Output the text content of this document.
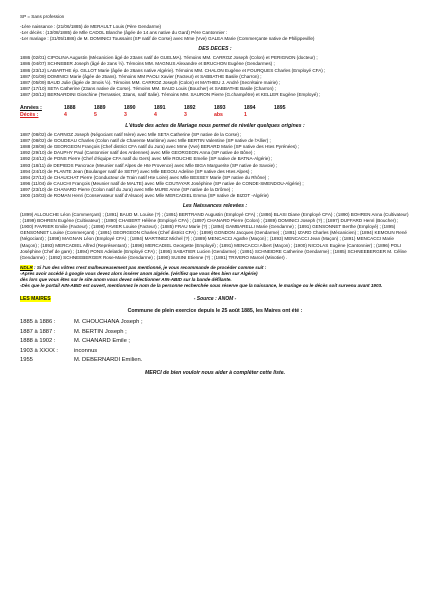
SP = Sans profession
-1ère naissance : (21/06/1885) de MERAULT Louis (Père Gendarme)
-1er décès : (13/08/1885) de Mlle CADOL Blanche (âgée de 14 ans native du Gard) Père Cantonnier :
-1er mariage : (31/05/1886) de M. DOMINICI Toussaint (SP natif de Corse) avec Mme (Vve) GALEA Marie (Commerçante native de Philippeville)
DES DECES :
1886 (02/01) CIPOLINA Augustin (Mécanicien âgé de 23ans natif de GUELMA). Témoins MM. CARROZ Joseph (Colon) et PERIGNON (docteur) ;
1886 (04/07) SCHNEBER Joseph (âgé de 2ans ½). Témoins MM. MAGNUS Alexandre et BRUCHON Eugène (Gendarmes) ;
1886 (23/12) LABARTHE ép. GILLOT Marie (âgée de 26ans native Algérie). Témoins MM. CHALON Eugène et FOURQUES Charles (Employé CFA) ;
1887 (01/09) DOMINICI Marie (âgée de 25ans). Témoins MM PAOLI Xavier (Facteur) et SABBATHE Basile (Charron) ;
1887 (05/09) BAUD Julie (âgée de 3mois ½). Témoins MM. CARROZ Joseph (Colon) et MATHIEU J. André (Secrétaire mairie) ;
1887 (17/10) SETA Catherine (23ans native de Corse). Témoins MM. BAUD Louis (Boucher) et SABBATHE Basile (Charron) ;
1887 (30/12) BERNARDINI Gioschine (Terrassier, 33ans, natif Italie). Témoins MM. SAURON Pierre (G.champêtre) et KELLER Eugène (Employé) ;
Années :	1888	1889	1890	1891	1892	1893	1894	1895
Décès :	4	5	3	4	3	abs	1
L'étude des actes de Mariage nous permet de révéler quelques origines :
1887 (08/02) de CARNOZ Joseph (Négociant natif Isère) avec Mlle SETA Catherine (SP native de la Corse) ;
1887 (08/02) de GOUDEAU Charles (Colon natif de Charente Maritime) avec Mlle BERTIN Valentine (SP native de l'Allier) ;
1888 (28/08) de GEORGEON François (Chef district CFA natif du Jura) avec Mme (Vve) BERARD Marie (SP native des Htes Pyrénées) ;
1892 (29/10) de DAUPHY Paul (Cantonnier natif des Ardennes) avec Mlle GEORGEON Anna (SP native de Bône) ;
1892 (24/12) de PONS Pierre (Chef d'équipe CFA natif du Gers) avec Mlle ROUCHE Emelie (SP native de BATNA-Algérie) ;
1893 (18/11) de DEPIEDS Pancrace (Meunier natif Alpes de Hte Provence) avec Mlle BIGA Marguerite (SP native de Savoie) ;
1894 (24/10) de PLANTE Jean (Boulanger natif de SETIF) avec Mlle BEGOU Adeline (SP native des Htes Alpes) ;
1894 (27/12) de CHAUCHAT Pierre (Conducteur de Train natif Hte Loire) avec Mlle BESSEY Marie (SP native du Rhône) ;
1896 (11/04) de CAUCHI François (Meunier natif de MALTE) avec Mlle COUTAYAR Joséphine (SP native de CONDE-SMENDOU-Algérie) ;
1897 (23/10) de CHANARD Pierre (Colon natif du Jura) avec Mlle MURE Anne (SP native de la Drôme) ;
1900 (10/03) de ROMAN Henri (Conservateur natif d'Alsace) avec Mlle MERCADIEL Emma (SP native de BIZOT -Algérie)
Les Naissances relevées :
(1899) ALLOUCHE Léon (Commerçant) ; (1891) BAUD M. Louise (?) ; (1891) BERTRAND Augustin (Employé CFA) ; (1886) BLASI Diane (Employé CFA) ; (1890) BOHREN Anna (Cultivateur) ; (1899) BOHREN Eugène (Cultivateur) ; (1890) CHABERT Hélène (Employé CFA) ; (1897) CHANARD Pierre (Colon) ; (1889) DOMINICI Joseph (?) ; (1897) DUFFARD Henri (Boucher) ; (1900) FAVRIER Emilie (Facteur) ; (1898) FAVIER Louise (Facteur) ; (1885) FRAU Marie (?) ; (1894) GAMBARELLI Marie (Gendarme) ; (1891) GENSONNET Berthe (Employé) ; (1895) GENSONNET Louise (Commerçant) ; (1891) GEORGEON Charles (Chef district CFA) ; (1899) GONDON Jacques (Gendarme) ; (1891) IZARD Charles (Mécanicien) ; (1894) KEMOUN René (Négociant) ; (1898) MAGNAN Léon (Employé CFA) ; (1894) MARTINEZ Michel (?) ; (1889) MENCACCI Agathe (Maçon) ; (1893) MENCACCI Jean (Maçon) ; (1891) MENCACCI Marie (Maçon) ; (1893) MERCADIEL Alfred (Représentant) ; (1896) MERCADIEL Georgette (Employé) ; (1891) MENCACCI Albert (Maçon) ; (1900) NICOLAS Eugène (Cantonnier) ; (1896) POLI Joséphine (Chef de gare) ; (1894) PONS Adelaïde (Employé CFA) ; (1895) SABATIER Lucien (Gendarme) ; (1891) SCHNEIDRE Catherine (Gendarme) ; (1885) SCHNEEBERGER M. Céline (Gendarme) ; (1892) SCHNEEBERGER Rose-Marie (Gendarme) ; (1890) SUSINI Etienne (?) ; (1891) TRIVERO Marcel (Minotier) .
NDLR : Si l'un des vôtres n'est malheureusement pas mentionné, je vous recommande de procéder comme suit :
-Après avoir accédé à google vous devez alors insérer anom algérie. (vérifiez que vous êtes bien sur Algérie)
dès lors que vous êtes sur le site anom vous devez sélectionner AIN-ABID sur la bande défilante.
-Dès que le portail AIN-ABID est ouvert, mentionnez le nom de la personne recherchée sous réserve que la naissance, le mariage ou le décès soit survenu avant 1903.
LES MAIRES	- Source : ANOM -
Commune de plein exercice depuis le 25 août 1885, les Maires ont été :
1885 à 1886 :	M. CHOUCHANA Joseph ;
1887 à 1887 :	M. BERTIN Joseph ;
1888 à 1902 :	M. CHANARD Emile ;
1903 à XXXX :	inconnus
1955	M. DEBERNARDI Emilien.
MERCI de bien vouloir nous aider à compléter cette liste.
